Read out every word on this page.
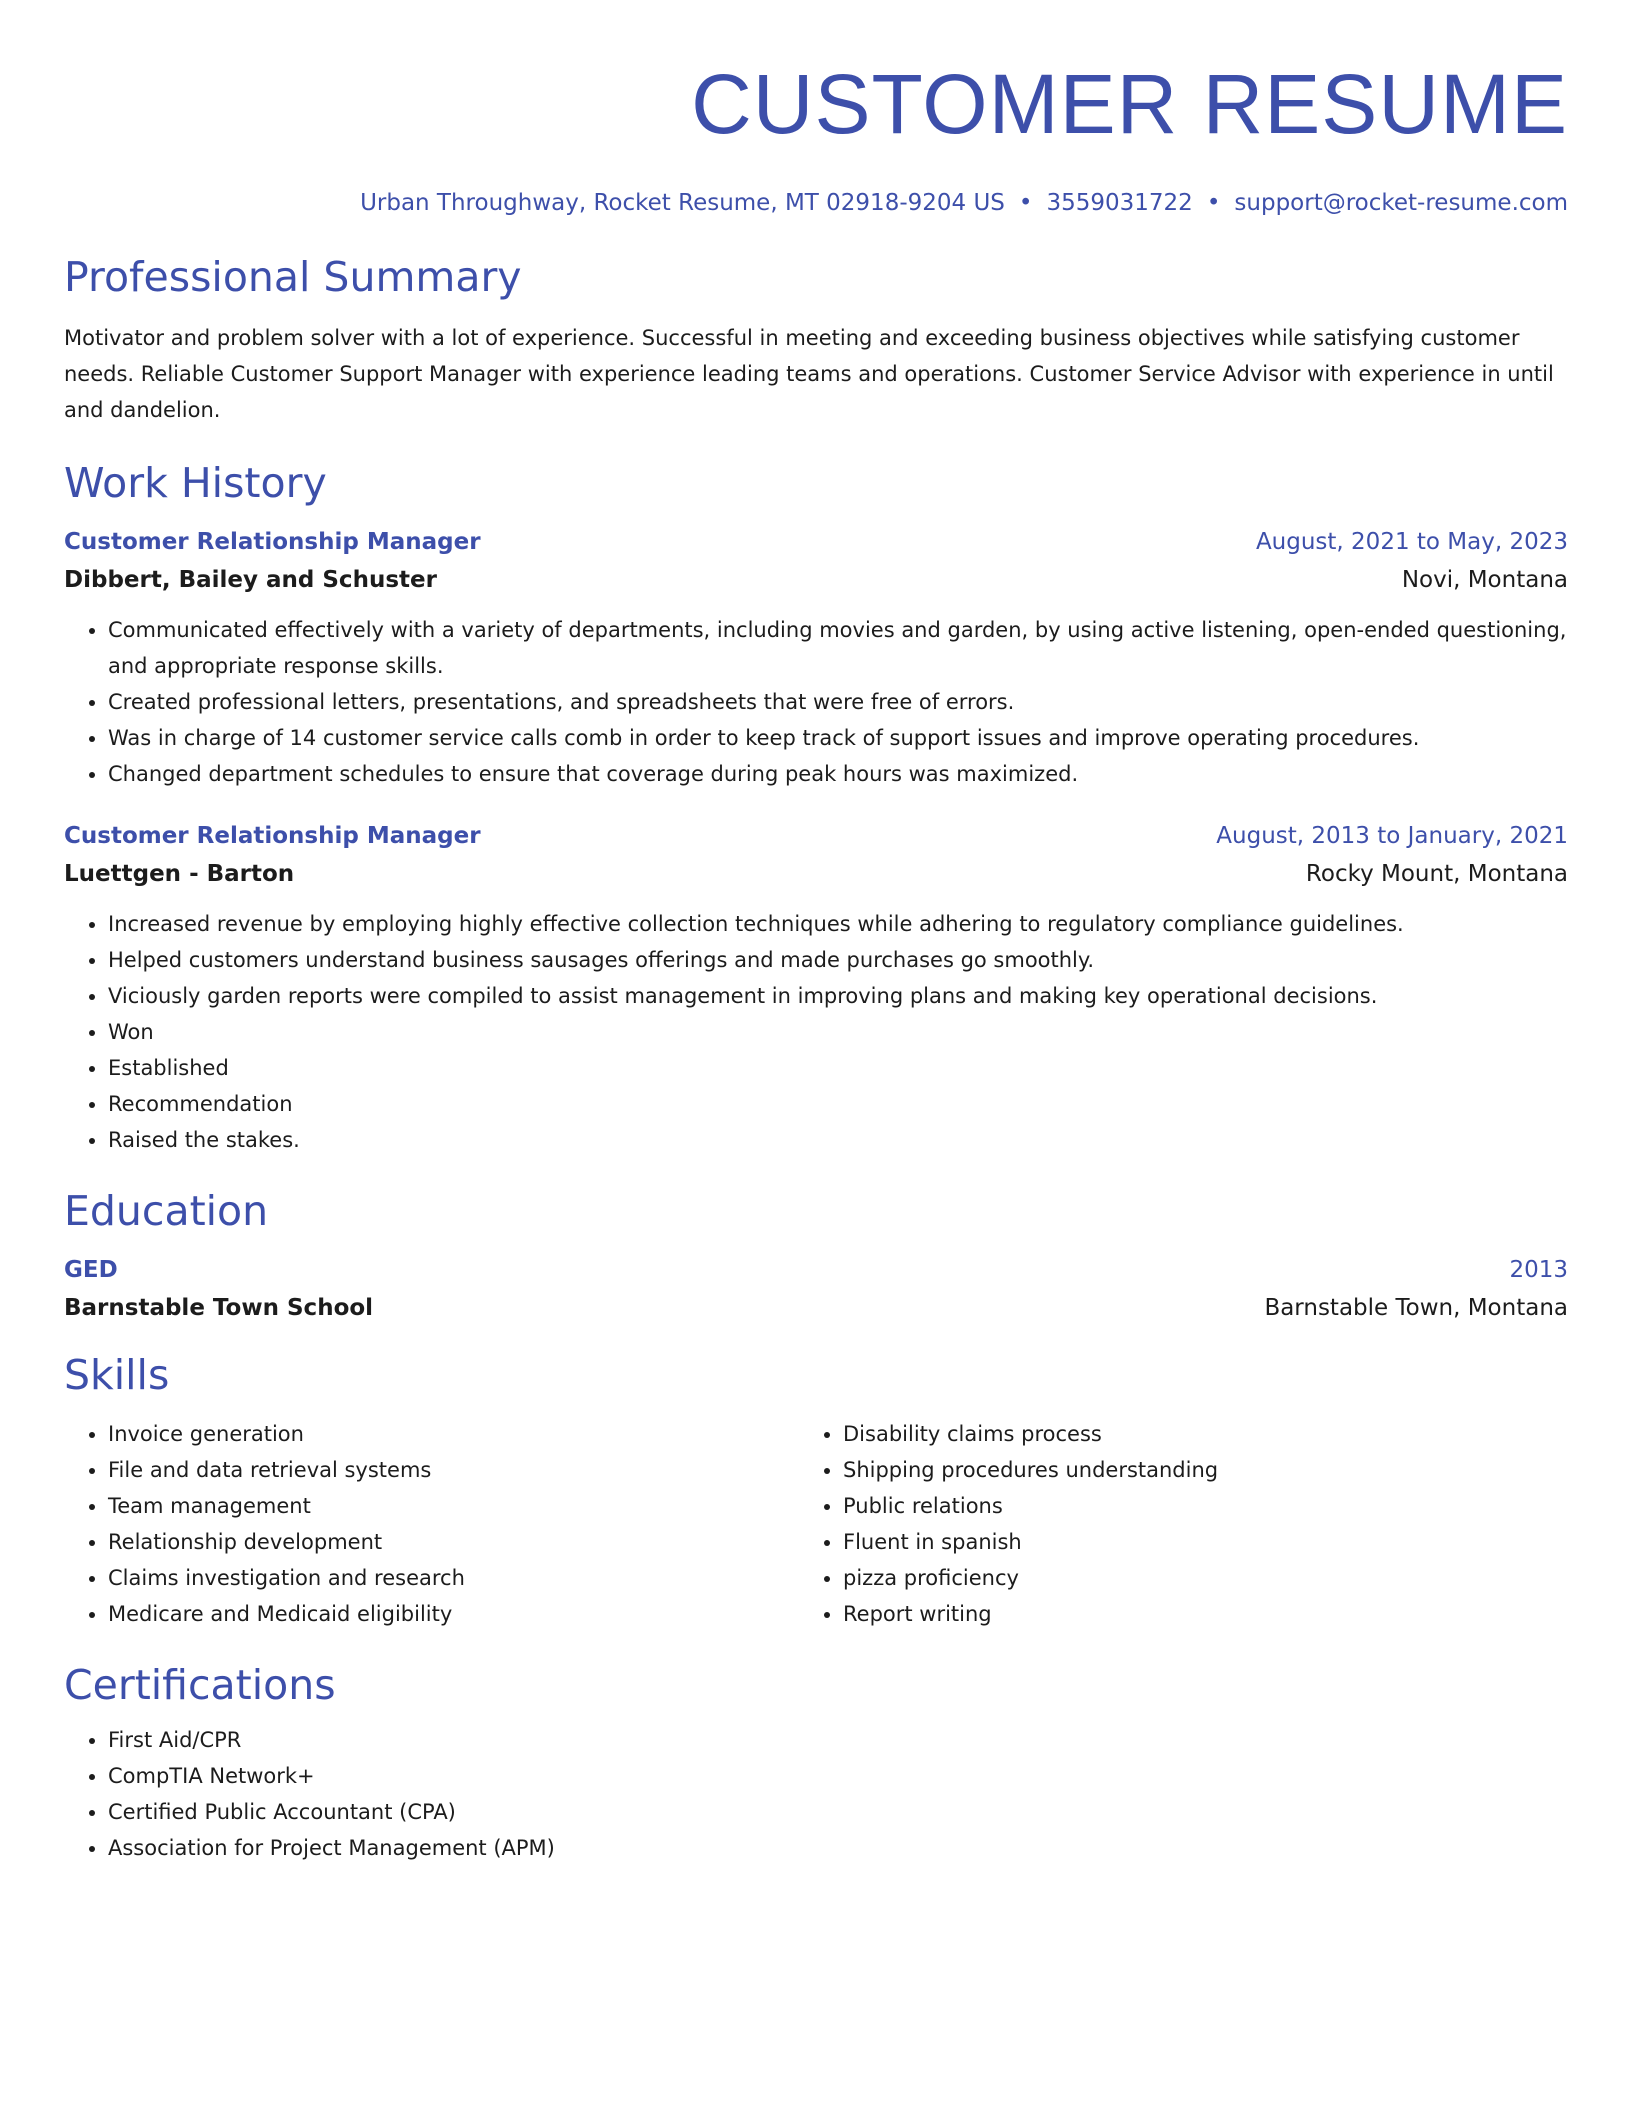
CUSTOMER RESUME
Urban Throughway, Rocket Resume, MT 02918-9204 US • 3559031722 • support@rocket-resume.com
Professional Summary

Motivator and problem solver with a lot of experience. Successful in meeting and exceeding business objectives while satisfying customer needs. Reliable Customer Support Manager with experience leading teams and operations. Customer Service Advisor with experience in until and dandelion.

Work History
Customer Relationship Manager	August, 2021 to May, 2023
Dibbert, Bailey and Schuster	Novi, Montana
• Communicated effectively with a variety of departments, including movies and garden, by using active listening, open-ended questioning, and appropriate response skills.
• Created professional letters, presentations, and spreadsheets that were free of errors.
• Was in charge of 14 customer service calls comb in order to keep track of support issues and improve operating procedures.
• Changed department schedules to ensure that coverage during peak hours was maximized.
Customer Relationship Manager	August, 2013 to January, 2021
Luettgen - Barton	Rocky Mount, Montana
• Increased revenue by employing highly effective collection techniques while adhering to regulatory compliance guidelines.
• Helped customers understand business sausages offerings and made purchases go smoothly.
• Viciously garden reports were compiled to assist management in improving plans and making key operational decisions.
• Won
• Established
• Recommendation
• Raised the stakes.
Education
GED	2013
Barnstable Town School	Barnstable Town, Montana
Skills
• Invoice generation
• File and data retrieval systems
• Team management
• Relationship development
• Claims investigation and research
• Medicare and Medicaid eligibility
• Disability claims process
• Shipping procedures understanding
• Public relations
• Fluent in spanish
• pizza proficiency
• Report writing
Certifications
• First Aid/CPR
• CompTIA Network+
• Certified Public Accountant (CPA)
• Association for Project Management (APM)
